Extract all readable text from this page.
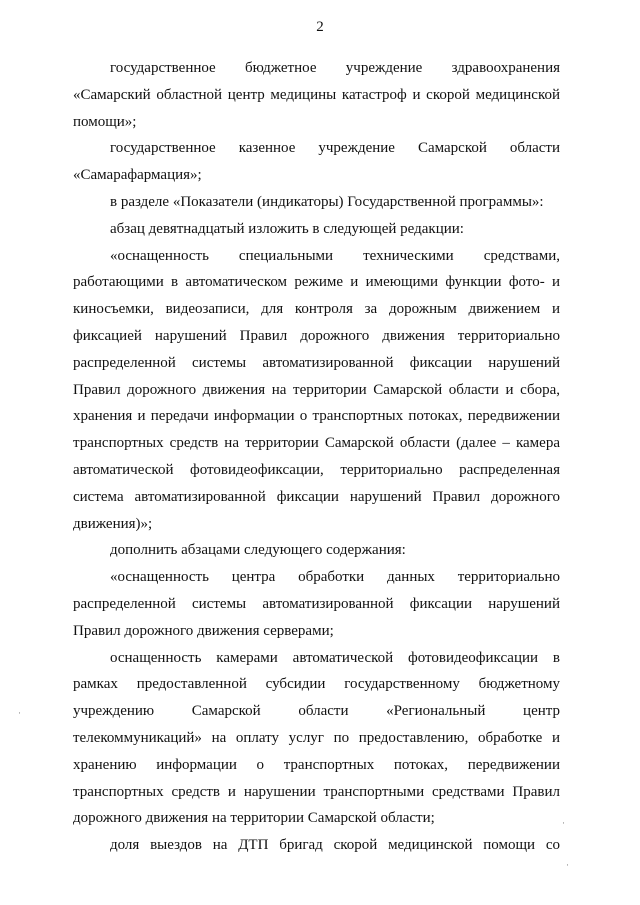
2
государственное бюджетное учреждение здравоохранения
«Самарский областной центр медицины катастроф и скорой медицинской
помощи»;
государственное казенное учреждение Самарской области
«Самарафармация»;
в разделе «Показатели (индикаторы) Государственной программы»:
абзац девятнадцатый изложить в следующей редакции:
«оснащенность специальными техническими средствами,
работающими в автоматическом режиме и имеющими функции фото- и
киносъемки, видеозаписи, для контроля за дорожным движением и
фиксацией нарушений Правил дорожного движения территориально
распределенной системы автоматизированной фиксации нарушений
Правил дорожного движения на территории Самарской области и сбора,
хранения и передачи информации о транспортных потоках, передвижении
транспортных средств на территории Самарской области (далее – камера
автоматической фотовидеофиксации, территориально распределенная
система автоматизированной фиксации нарушений Правил дорожного
движения)»;
дополнить абзацами следующего содержания:
«оснащенность центра обработки данных территориально
распределенной системы автоматизированной фиксации нарушений
Правил дорожного движения серверами;
оснащенность камерами автоматической фотовидеофиксации в
рамках предоставленной субсидии государственному бюджетному
учреждению Самарской области «Региональный центр
телекоммуникаций» на оплату услуг по предоставлению, обработке и
хранению информации о транспортных потоках, передвижении
транспортных средств и нарушении транспортными средствами Правил
дорожного движения на территории Самарской области;
доля выездов на ДТП бригад скорой медицинской помощи со
·
·
·
